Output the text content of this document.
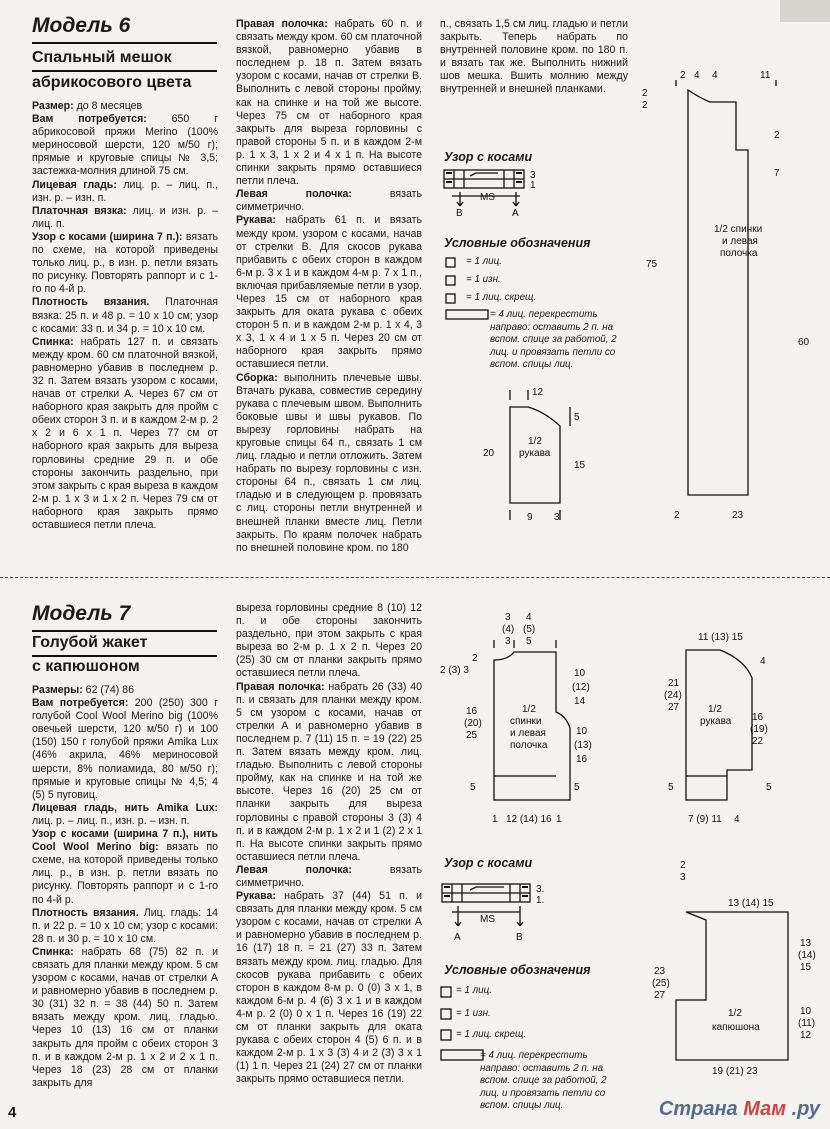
Модель 6
Спальный мешок
абрикосового цвета

Размер: до 8 месяцев

Вам потребуется: 650 г абрикосовой пряжи Merino (100% мериносовой шерсти, 120 м/50 г); прямые и круговые спицы № 3,5; застежка-молния длиной 75 см.

Лицевая гладь: лиц. р. – лиц. п., изн. р. – изн. п.

Платочная вязка: лиц. и изн. р. – лиц. п.

Узор с косами (ширина 7 п.): вязать по схеме, на которой приведены только лиц. р., в изн. р. петли вязать по рисунку. Повторять раппорт и с 1-го по 4-й р.

Плотность вязания. Платочная вязка: 25 п. и 48 р. = 10 х 10 см; узор с косами: 33 п. и 34 р. = 10 х 10 см.

Спинка: набрать 127 п. и связать между кром. 60 см платочной вязкой, равномерно убавив в последнем р. 32 п. Затем вязать узором с косами, начав от стрелки А. Через 67 см от наборного края закрыть для пройм с обеих сторон 3 п. и в каждом 2-м р. 2 х 2 и 6 х 1 п. Через 77 см от наборного края закрыть для выреза горловины средние 29 п. и обе стороны закончить раздельно, при этом закрыть с края выреза в каждом 2-м р. 1 х 3 и 1 х 2 п. Через 79 см от наборного края закрыть прямо оставшиеся петли плеча.

Правая полочка: набрать 60 п. и связать между кром. 60 см платочной вязкой, равномерно убавив в последнем р. 18 п. Затем вязать узором с косами, начав от стрелки В. Выполнить с левой стороны пройму, как на спинке и на той же высоте. Через 75 см от наборного края закрыть для выреза горловины с правой стороны 5 п. и в каждом 2-м р. 1 х 3, 1 х 2 и 4 х 1 п. На высоте спинки закрыть прямо оставшиеся петли плеча.

Левая полочка: вязать симметрично.

Рукава: набрать 61 п. и вязать между кром. узором с косами, начав от стрелки В. Для скосов рукава прибавить с обеих сторон в каждом 6-м р. 3 х 1 и в каждом 4-м р. 7 х 1 п., включая прибавляемые петли в узор. Через 15 см от наборного края закрыть для оката рукава с обеих сторон 5 п. и в каждом 2-м р. 1 х 4, 3 х 3, 1 х 4 и 1 х 5 п. Через 20 см от наборного края закрыть прямо оставшиеся петли.

Сборка: выполнить плечевые швы. Втачать рукава, совместив середину рукава с плечевым швом. Выполнить боковые швы и швы рукавов. По вырезу горловины набрать на круговые спицы 64 п., связать 1 см лиц. гладью и петли отложить. Затем набрать по вырезу горловины с изн. стороны 64 п., связать 1 см лиц. гладью и в следующем р. провязать с лиц. стороны петли внутренней и внешней планки вместе лиц. Петли закрыть. По краям полочек набрать по внешней половине кром. по 180

п., связать 1,5 см лиц. гладью и петли закрыть. Теперь набрать по внутренней половине кром. по 180 п. и вязать так же. Выполнить нижний шов мешка. Вшить молнию между внутренней и внешней планками.

Узор с косами
Условные обозначения
= 1 лиц.
= 1 изн.
= 1 лиц. скрещ.
= 4 лиц. перекрестить направо: оставить 2 п. на вспом. спице за работой, 2 лиц. и провязать петли со вспом. спицы лиц.
Модель 7
Голубой жакет
с капюшоном

Размеры: 62 (74) 86

Вам потребуется: 200 (250) 300 г голубой Cool Wool Merino big (100% овечьей шерсти, 120 м/50 г) и 100 (150) 150 г голубой пряжи Amika Lux (46% акрила, 46% мериносовой шерсти, 8% полиамида, 80 м/50 г); прямые и круговые спицы № 4,5; 4 (5) 5 пуговиц.

Лицевая гладь, нить Amika Lux: лиц. р. – лиц. п., изн. р. – изн. п.

Узор с косами (ширина 7 п.), нить Cool Wool Merino big: вязать по схеме, на которой приведены только лиц. р., в изн. р. петли вязать по рисунку. Повторять раппорт и с 1-го по 4-й р.

Плотность вязания. Лиц. гладь: 14 п. и 22 р. = 10 х 10 см; узор с косами: 28 п. и 30 р. = 10 х 10 см.

Спинка: набрать 68 (75) 82 п. и связать для планки между кром. 5 см узором с косами, начав от стрелки А и равномерно убавив в последнем р. 30 (31) 32 п. = 38 (44) 50 п. Затем вязать между кром. лиц. гладью. Через 10 (13) 16 см от планки закрыть для пройм с обеих сторон 3 п. и в каждом 2-м р. 1 х 2 и 2 х 1 п. Через 18 (23) 28 см от планки закрыть для

выреза горловины средние 8 (10) 12 п. и обе стороны закончить раздельно, при этом закрыть с края выреза во 2-м р. 1 х 2 п. Через 20 (25) 30 см от планки закрыть прямо оставшиеся петли плеча.

Правая полочка: набрать 26 (33) 40 п. и связать для планки между кром. 5 см узором с косами, начав от стрелки А и равномерно убавив в последнем р. 7 (11) 15 п. = 19 (22) 25 п. Затем вязать между кром. лиц. гладью. Выполнить с левой стороны пройму, как на спинке и на той же высоте. Через 16 (20) 25 см от планки закрыть для выреза горловины с правой стороны 3 (3) 4 п. и в каждом 2-м р. 1 х 2 и 1 (2) 2 х 1 п. На высоте спинки закрыть прямо оставшиеся петли плеча.

Левая полочка: вязать симметрично.

Рукава: набрать 37 (44) 51 п. и связать для планки между кром. 5 см узором с косами, начав от стрелки А и равномерно убавив в последнем р. 16 (17) 18 п. = 21 (27) 33 п. Затем вязать между кром. лиц. гладью. Для скосов рукава прибавить с обеих сторон в каждом 8-м р. 0 (0) 3 х 1, в каждом 6-м р. 4 (6) 3 х 1 и в каждом 4-м р. 2 (0) 0 х 1 п. Через 16 (19) 22 см от планки закрыть для оката рукава с обеих сторон 4 (5) 6 п. и в каждом 2-м р. 1 х 3 (3) 4 и 2 (3) 3 х 1 (1) 1 п. Через 21 (24) 27 см от планки закрыть прямо оставшиеся петли.

Узор с косами
Условные обозначения
= 1 лиц.
= 1 изн.
= 1 лиц. скрещ.
= 4 лиц. перекрестить направо: оставить 2 п. на вспом. спице за работой, 2 лиц. и провязать петли со вспом. спицы лиц.
4	Страна Мам .ру
3
1
B
MS
A
12
20
5
15
9 3
1/2
рукава
2 4 4	11
2
2
75
2
7
60
2	23
1/2 спинки
и левая
полочка
3.
1.
A
MS
B
3
(4)
3
4
(5)
5
2 (3) 3
2
16
(20)
25
5
10
(12)
14
10
(13)
16
5
1 12 (14) 16 1
1/2
спинки
и левая
полочка
11 (13) 15
21
(24)
27
5
4
16
(19)
22
5
7 (9) 11 4
1/2
рукава
2
3
13 (14) 15
23
(25)
27
13
(14)
15
10
(11)
12
19 (21) 23
1/2
капюшона
